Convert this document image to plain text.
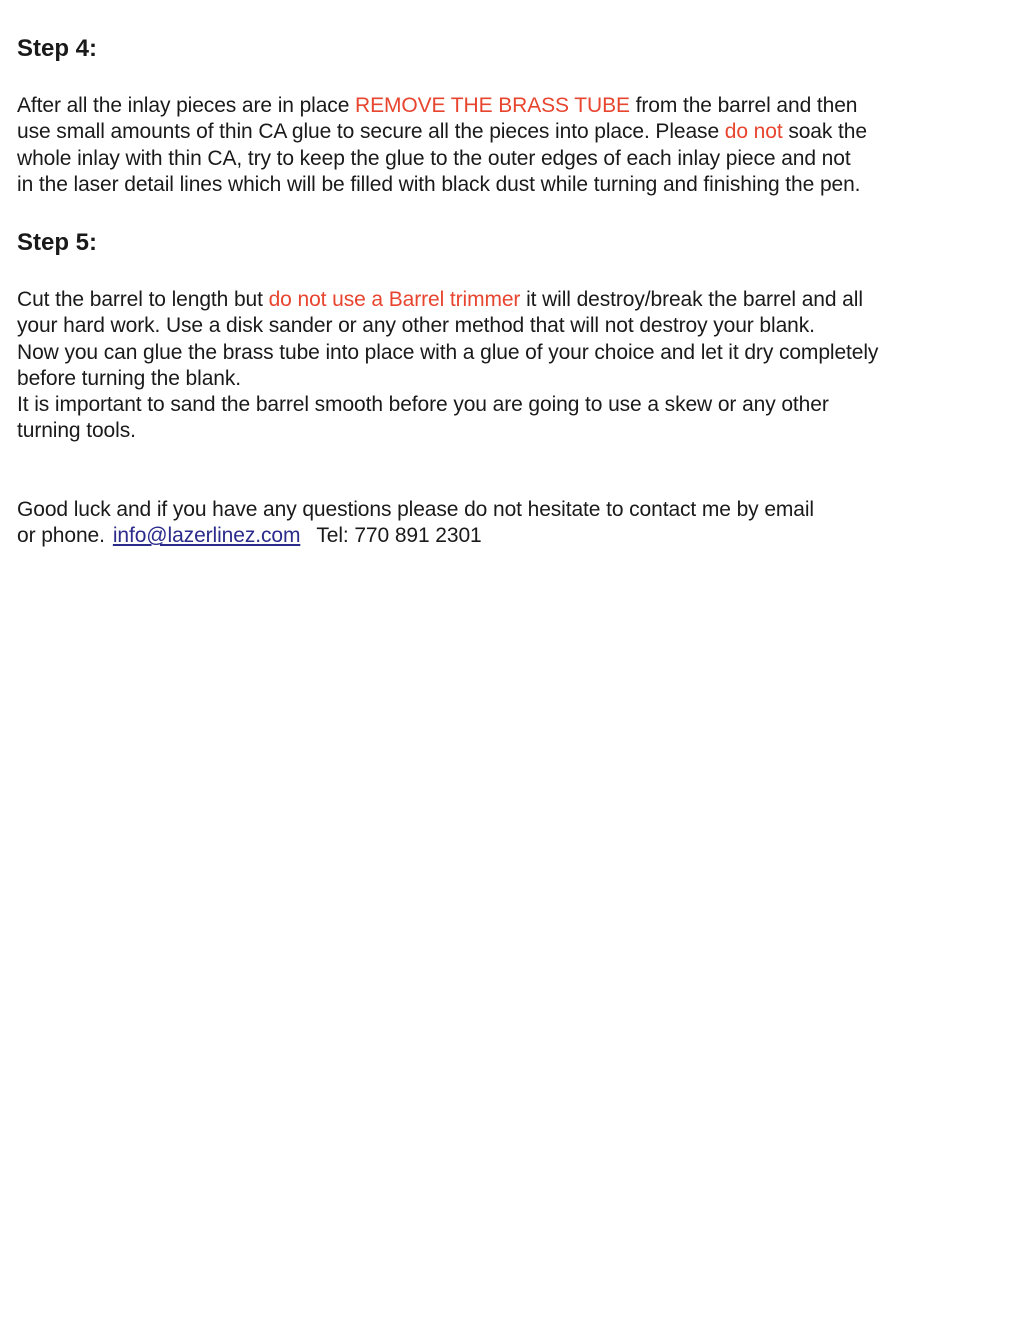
Step 4:

After all the inlay pieces are in place REMOVE THE BRASS TUBE from the barrel and then
use small amounts of thin CA glue to secure all the pieces into place. Please do not soak the
whole inlay with thin CA, try to keep the glue to the outer edges of each inlay piece and not
in the laser detail lines which will be filled with black dust while turning and finishing the pen.

Step 5:

Cut the barrel to length but do not use a Barrel trimmer it will destroy/break the barrel and all
your hard work. Use a disk sander or any other method that will not destroy your blank.
Now you can glue the brass tube into place with a glue of your choice and let it dry completely
before turning the blank.
It is important to sand the barrel smooth before you are going to use a skew or any other
turning tools.

Good luck and if you have any questions please do not hesitate to contact me by email
or phone. info@lazerlinez.com Tel: 770 891 2301
